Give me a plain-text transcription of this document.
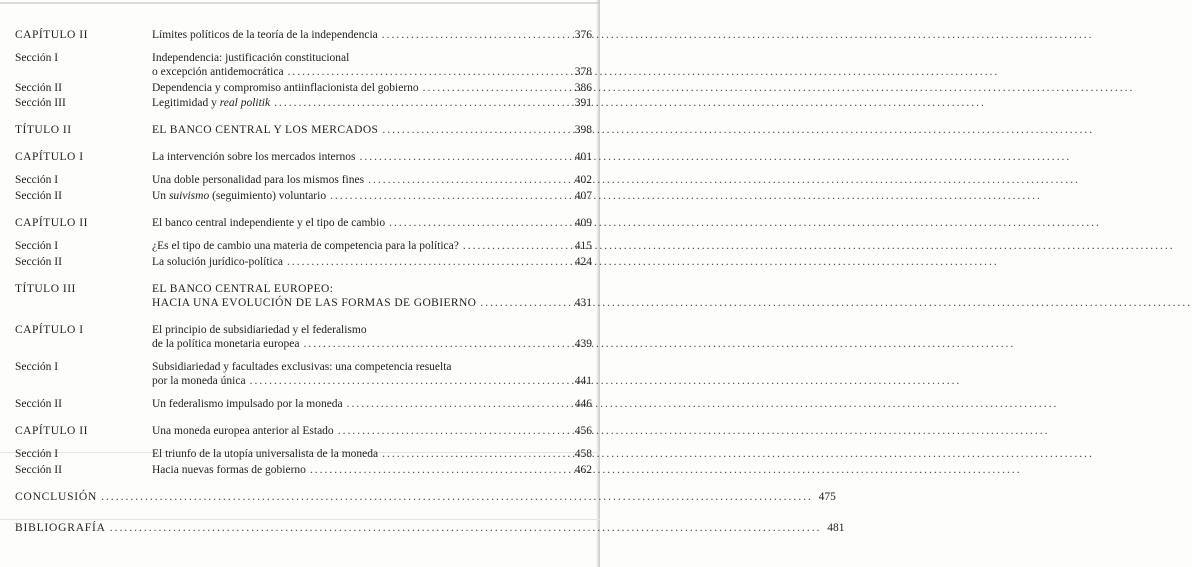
CAPÍTULO II	Límites políticos de la teoría de la independencia .....	376
Sección I	Independencia: justificación constitucional
o excepción antidemocrática .....	378
Sección II	Dependencia y compromiso antiinflacionista del gobierno .....	386
Sección III	Legitimidad y real politik .....	391
TÍTULO II	EL BANCO CENTRAL Y LOS MERCADOS .....	398
CAPÍTULO I	La intervención sobre los mercados internos .....	401
Sección I	Una doble personalidad para los mismos fines .....	402
Sección II	Un suivismo (seguimiento) voluntario .....	407
CAPÍTULO II	El banco central independiente y el tipo de cambio .....	409
Sección I	¿Es el tipo de cambio una materia de competencia para la política? .....	415
Sección II	La solución jurídico-política .....	424
TÍTULO III	EL BANCO CENTRAL EUROPEO:
HACIA UNA EVOLUCIÓN DE LAS FORMAS DE GOBIERNO .....	431
CAPÍTULO I	El principio de subsidiariedad y el federalismo
de la política monetaria europea .....	439
Sección I	Subsidiariedad y facultades exclusivas: una competencia resuelta
por la moneda única .....	441
Sección II	Un federalismo impulsado por la moneda .....	446
CAPÍTULO II	Una moneda europea anterior al Estado .....	456
Sección I	El triunfo de la utopía universalista de la moneda .....	458
Sección II	Hacia nuevas formas de gobierno .....	462
CONCLUSIÓN .....	475
BIBLIOGRAFÍA .....	481
